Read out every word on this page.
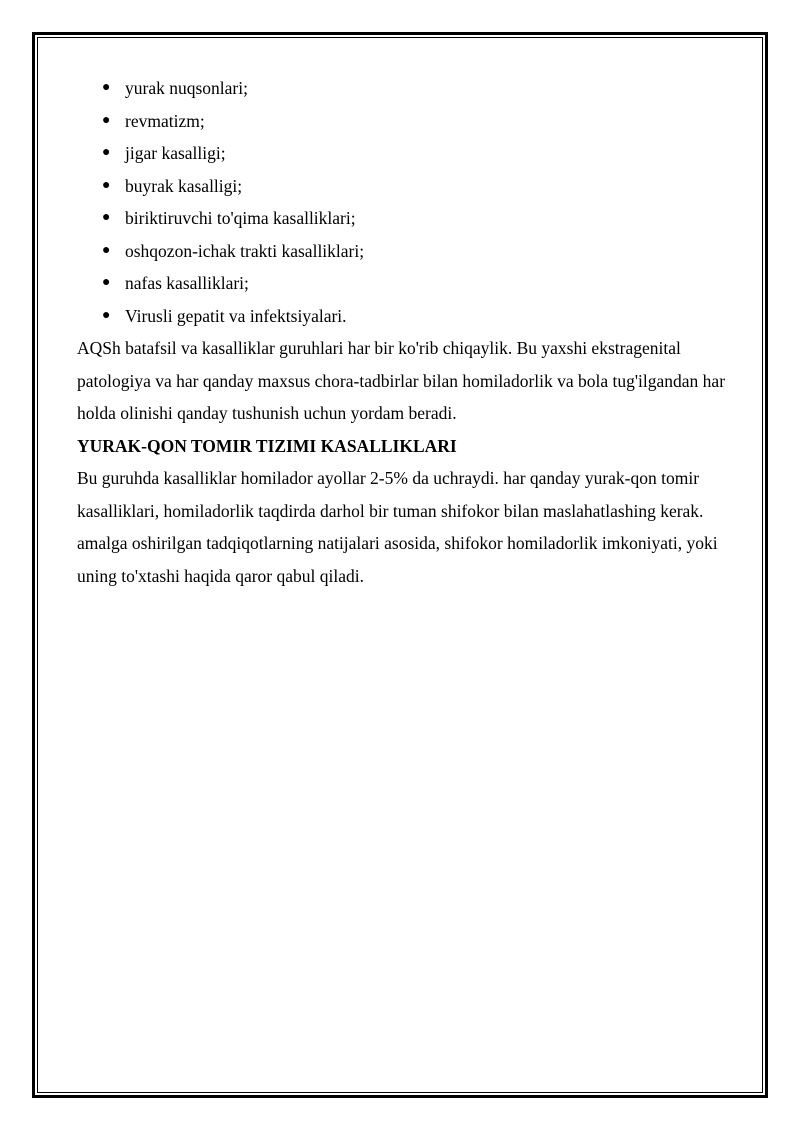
● yurak nuqsonlari;
● revmatizm;
● jigar kasalligi;
● buyrak kasalligi;
● biriktiruvchi to'qima kasalliklari;
● oshqozon-ichak trakti kasalliklari;
● nafas kasalliklari;
● Virusli gepatit va infektsiyalari.

AQSh batafsil va kasalliklar guruhlari har bir ko'rib chiqaylik. Bu yaxshi ekstragenital patologiya va har qanday maxsus chora-tadbirlar bilan homiladorlik va bola tug'ilgandan har holda olinishi qanday tushunish uchun yordam beradi.

YURAK-QON TOMIR TIZIMI KASALLIKLARI

Bu guruhda kasalliklar homilador ayollar 2-5% da uchraydi. har qanday yurak-qon tomir kasalliklari, homiladorlik taqdirda darhol bir tuman shifokor bilan maslahatlashing kerak. amalga oshirilgan tadqiqotlarning natijalari asosida, shifokor homiladorlik imkoniyati, yoki uning to'xtashi haqida qaror qabul qiladi.
